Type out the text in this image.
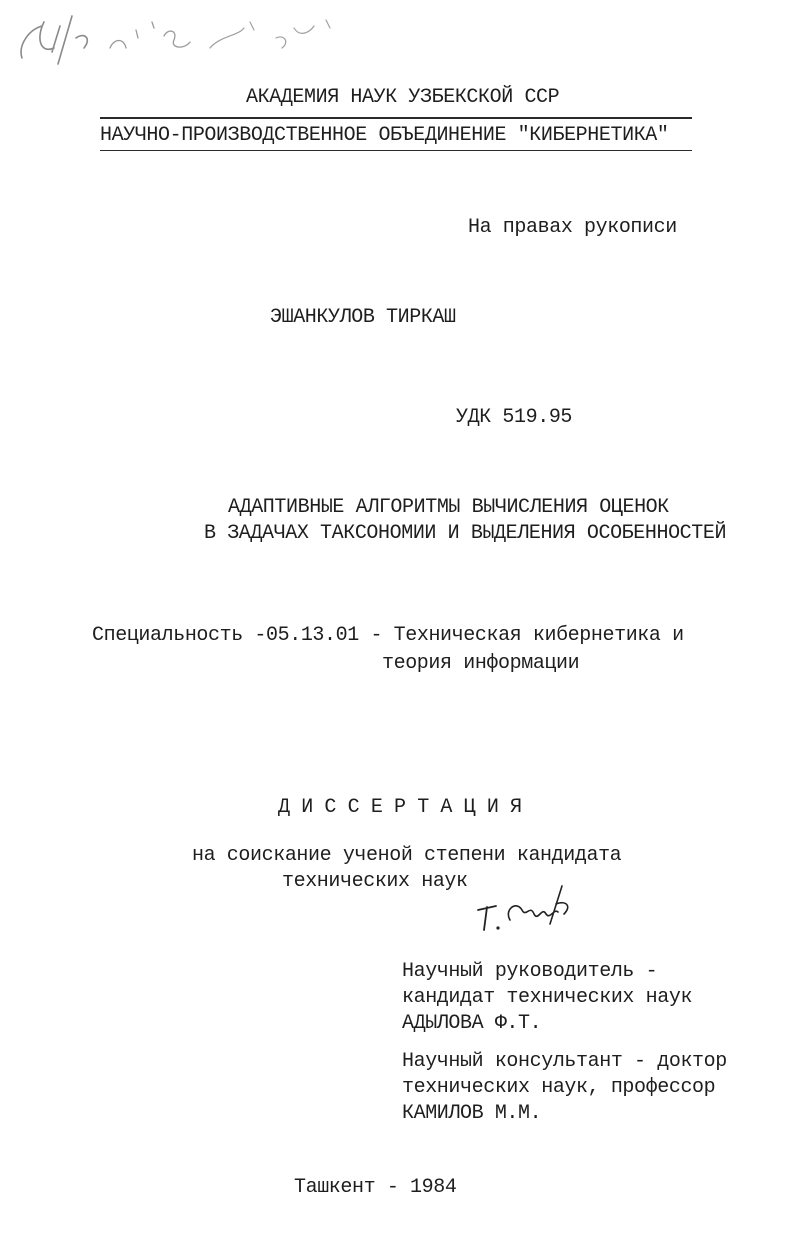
АКАДЕМИЯ НАУК УЗБЕКСКОЙ ССР
НАУЧНО-ПРОИЗВОДСТВЕННОЕ ОБЪЕДИНЕНИЕ "КИБЕРНЕТИКА"
На правах рукописи
ЭШАНКУЛОВ ТИРКАШ
УДК 519.95
АДАПТИВНЫЕ АЛГОРИТМЫ ВЫЧИСЛЕНИЯ ОЦЕНОК
В ЗАДАЧАХ ТАКСОНОМИИ И ВЫДЕЛЕНИЯ ОСОБЕННОСТЕЙ
Специальность -05.13.01 - Техническая кибернетика и
теория информации
Д И С С Е Р Т А Ц И Я
на соискание ученой степени кандидата
технических наук
Научный руководитель -
кандидат технических наук
АДЫЛОВА Ф.Т.
Научный консультант - доктор
технических наук, профессор
КАМИЛОВ М.М.
Ташкент - 1984
